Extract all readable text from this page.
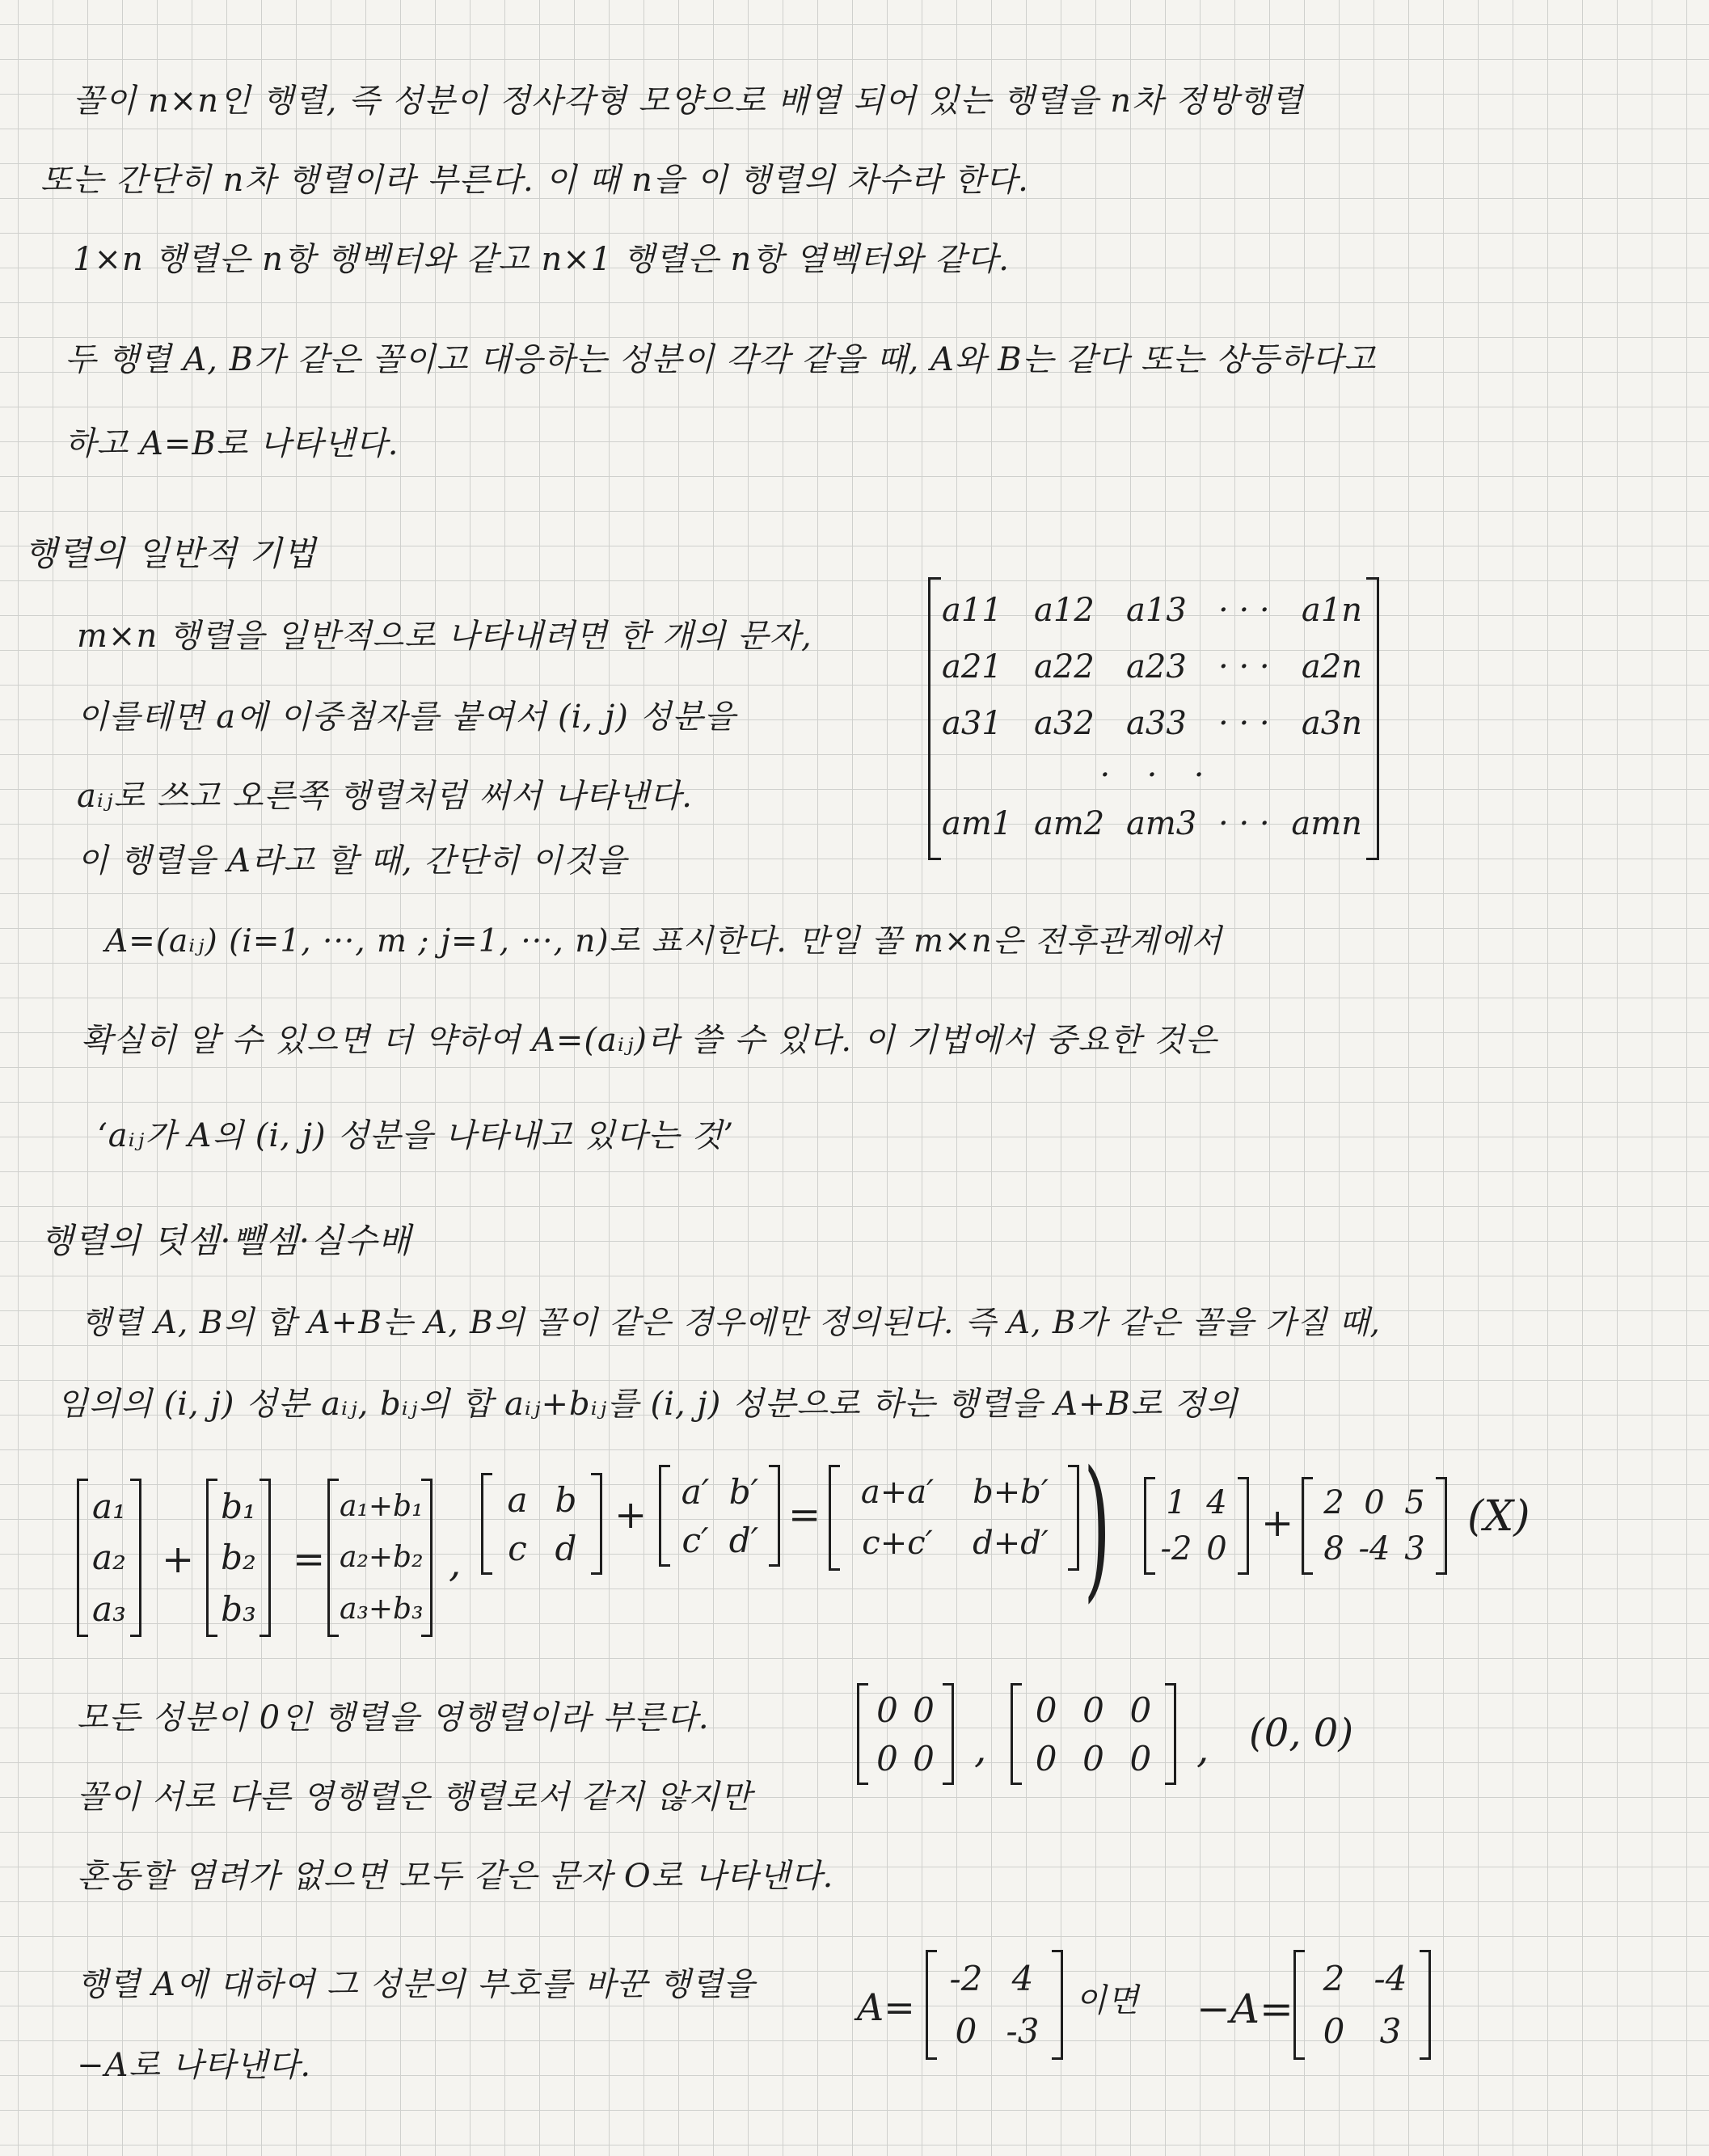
꼴이 n×n인 행렬, 즉 성분이 정사각형 모양으로 배열 되어 있는 행렬을 n차 정방행렬
또는 간단히 n차 행렬이라 부른다. 이 때 n을 이 행렬의 차수라 한다.
1×n 행렬은 n항 행벡터와 같고 n×1 행렬은 n항 열벡터와 같다.
두 행렬 A, B가 같은 꼴이고 대응하는 성분이 각각 같을 때, A와 B는 같다 또는 상등하다고
하고 A=B로 나타낸다.
행렬의 일반적 기법
m×n 행렬을 일반적으로 나타내려면 한 개의 문자,
이를테면 a에 이중첨자를 붙여서 (i, j) 성분을
aᵢⱼ로 쓰고 오른쪽 행렬처럼 써서 나타낸다.
이 행렬을 A라고 할 때, 간단히 이것을
a11 a12 a13 · · · a1n
a21 a22 a23 · · · a2n
a31 a32 a33 · · · a3n
· · ·
am1 am2 am3 · · · amn
A=(aᵢⱼ) (i=1, ···, m ; j=1, ···, n)로 표시한다. 만일 꼴 m×n은 전후관계에서
확실히 알 수 있으면 더 약하여 A=(aᵢⱼ)라 쓸 수 있다. 이 기법에서 중요한 것은
‘aᵢⱼ가 A의 (i, j) 성분을 나타내고 있다는 것’
행렬의 덧셈·뺄셈·실수배
행렬 A, B의 합 A+B는 A, B의 꼴이 같은 경우에만 정의된다. 즉 A, B가 같은 꼴을 가질 때,
임의의 (i, j) 성분 aᵢⱼ, bᵢⱼ의 합 aᵢⱼ+bᵢⱼ를 (i, j) 성분으로 하는 행렬을 A+B로 정의
a₁
a₂
a₃
+
b₁
b₂
b₃
=
a₁+b₁
a₂+b₂
a₃+b₃
,
a b
c d
+
a′ b′
c′ d′
= a+a′ b+b′
c+c′ d+d′ ) 1 4
-2 0
+ 2 0 5
8 -4 3
(X)
모든 성분이 0인 행렬을 영행렬이라 부른다.
꼴이 서로 다른 영행렬은 행렬로서 같지 않지만
혼동할 염려가 없으면 모두 같은 문자 O로 나타낸다.
0 0
0 0 ,
0 0 0
0 0 0 , (0, 0)
행렬 A에 대하여 그 성분의 부호를 바꾼 행렬을
−A로 나타낸다.
A=
-2 4
0 -3
이면 −A=
2 -4
0 3
